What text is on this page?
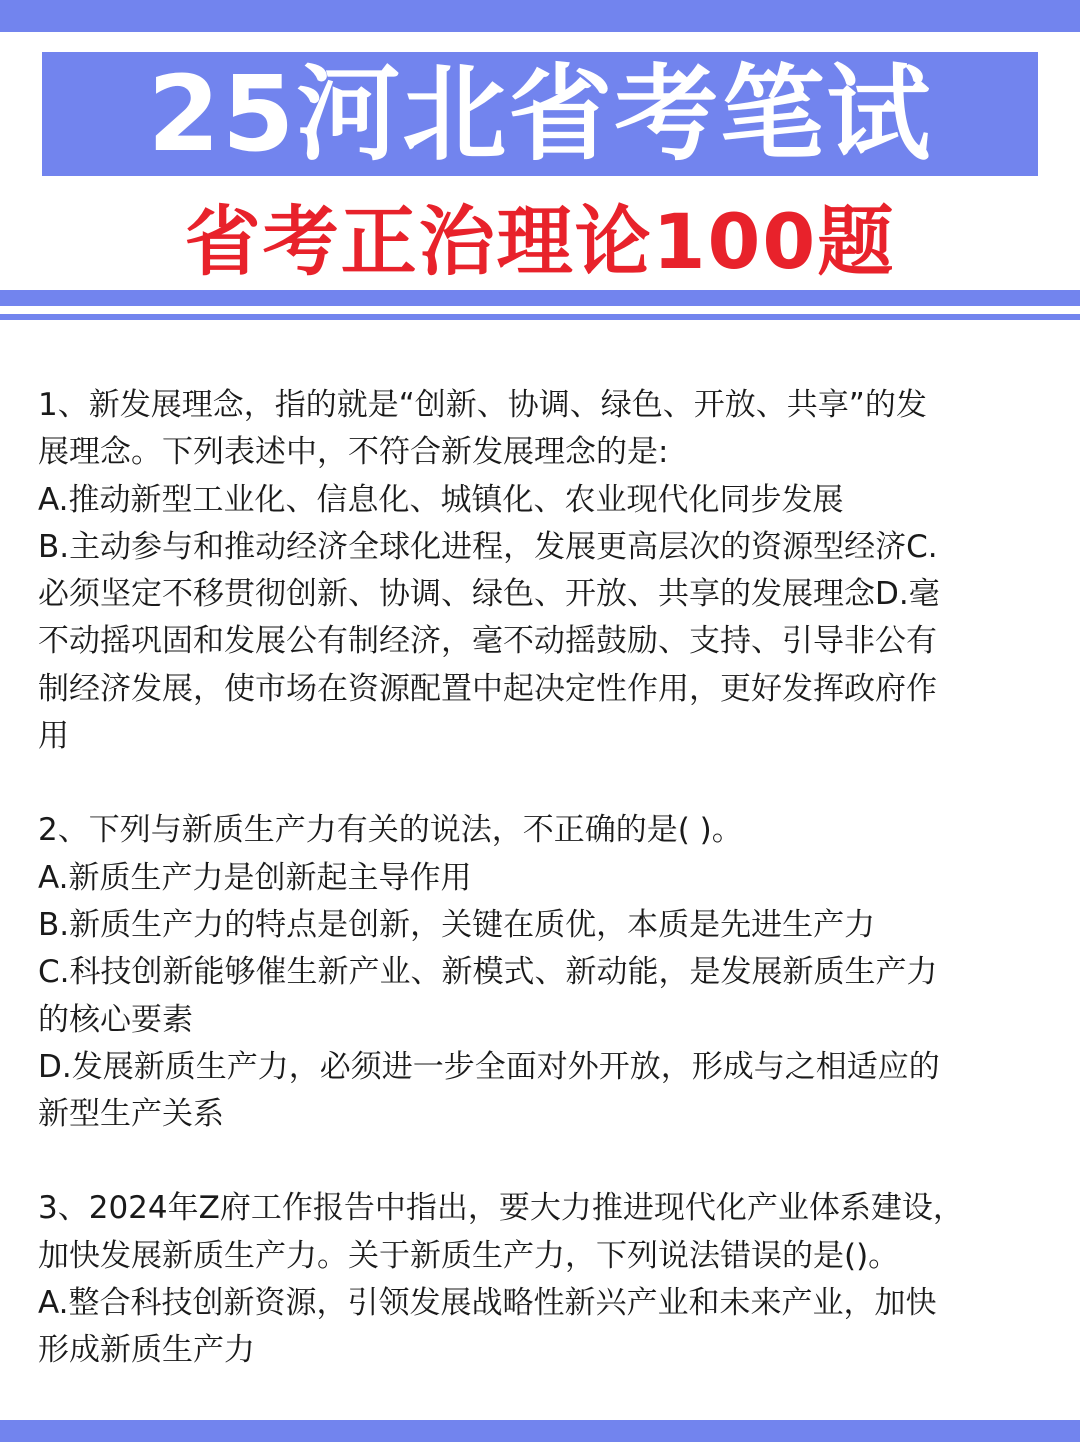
25河北省考笔试
省考正治理论100题
1、新发展理念，指的就是“创新、协调、绿色、开放、共享”的发
展理念。下列表述中，不符合新发展理念的是:
A.推动新型工业化、信息化、城镇化、农业现代化同步发展
B.主动参与和推动经济全球化进程，发展更高层次的资源型经济C.
必须坚定不移贯彻创新、协调、绿色、开放、共享的发展理念D.毫
不动摇巩固和发展公有制经济，毫不动摇鼓励、支持、引导非公有
制经济发展，使市场在资源配置中起决定性作用，更好发挥政府作
用
2、下列与新质生产力有关的说法，不正确的是( )。
A.新质生产力是创新起主导作用
B.新质生产力的特点是创新，关键在质优，本质是先进生产力
C.科技创新能够催生新产业、新模式、新动能，是发展新质生产力
的核心要素
D.发展新质生产力，必须进一步全面对外开放，形成与之相适应的
新型生产关系
3、2024年Z府工作报告中指出，要大力推进现代化产业体系建设，
加快发展新质生产力。关于新质生产力，下列说法错误的是()。
A.整合科技创新资源，引领发展战略性新兴产业和未来产业，加快
形成新质生产力
